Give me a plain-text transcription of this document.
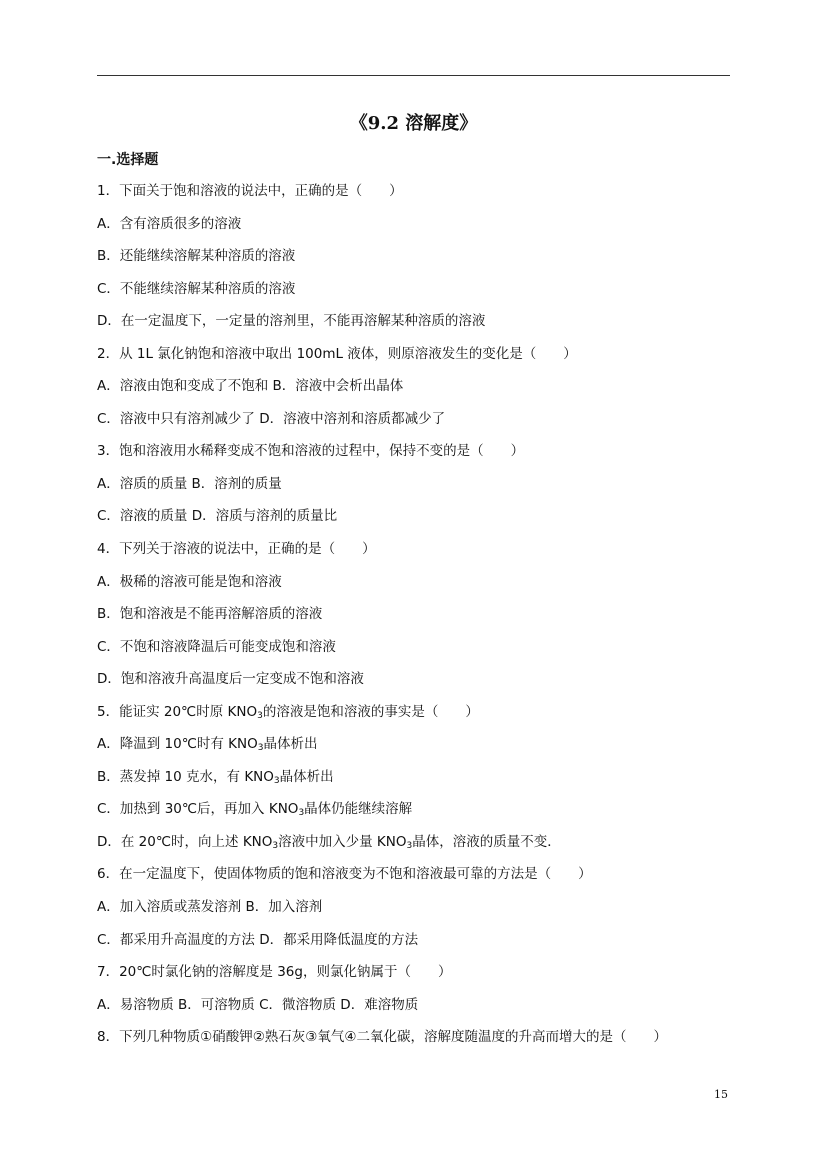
《9.2 溶解度》
一.选择题
1．下面关于饱和溶液的说法中，正确的是（　　）
A．含有溶质很多的溶液
B．还能继续溶解某种溶质的溶液
C．不能继续溶解某种溶质的溶液
D．在一定温度下，一定量的溶剂里，不能再溶解某种溶质的溶液
2．从 1L 氯化钠饱和溶液中取出 100mL 液体，则原溶液发生的变化是（　　）
A．溶液由饱和变成了不饱和 B．溶液中会析出晶体
C．溶液中只有溶剂减少了 D．溶液中溶剂和溶质都减少了
3．饱和溶液用水稀释变成不饱和溶液的过程中，保持不变的是（　　）
A．溶质的质量 B．溶剂的质量
C．溶液的质量 D．溶质与溶剂的质量比
4．下列关于溶液的说法中，正确的是（　　）
A．极稀的溶液可能是饱和溶液
B．饱和溶液是不能再溶解溶质的溶液
C．不饱和溶液降温后可能变成饱和溶液
D．饱和溶液升高温度后一定变成不饱和溶液
5．能证实 20℃时原 $KNO_3$的溶液是饱和溶液的事实是（　　）
A．降温到 10℃时有 $KNO_3$晶体析出
B．蒸发掉 10 克水，有 $KNO_3$晶体析出
C．加热到 30℃后，再加入 $KNO_3$晶体仍能继续溶解
D．在 20℃时，向上述 $KNO_3$溶液中加入少量 $KNO_3$晶体，溶液的质量不变．
6．在一定温度下，使固体物质的饱和溶液变为不饱和溶液最可靠的方法是（　　）
A．加入溶质或蒸发溶剂 B．加入溶剂
C．都采用升高温度的方法 D．都采用降低温度的方法
7．20℃时氯化钠的溶解度是 36g，则氯化钠属于（　　）
A．易溶物质 B．可溶物质 C．微溶物质 D．难溶物质
8．下列几种物质①硝酸钾②熟石灰③氧气④二氧化碳，溶解度随温度的升高而增大的是（　　）
15
